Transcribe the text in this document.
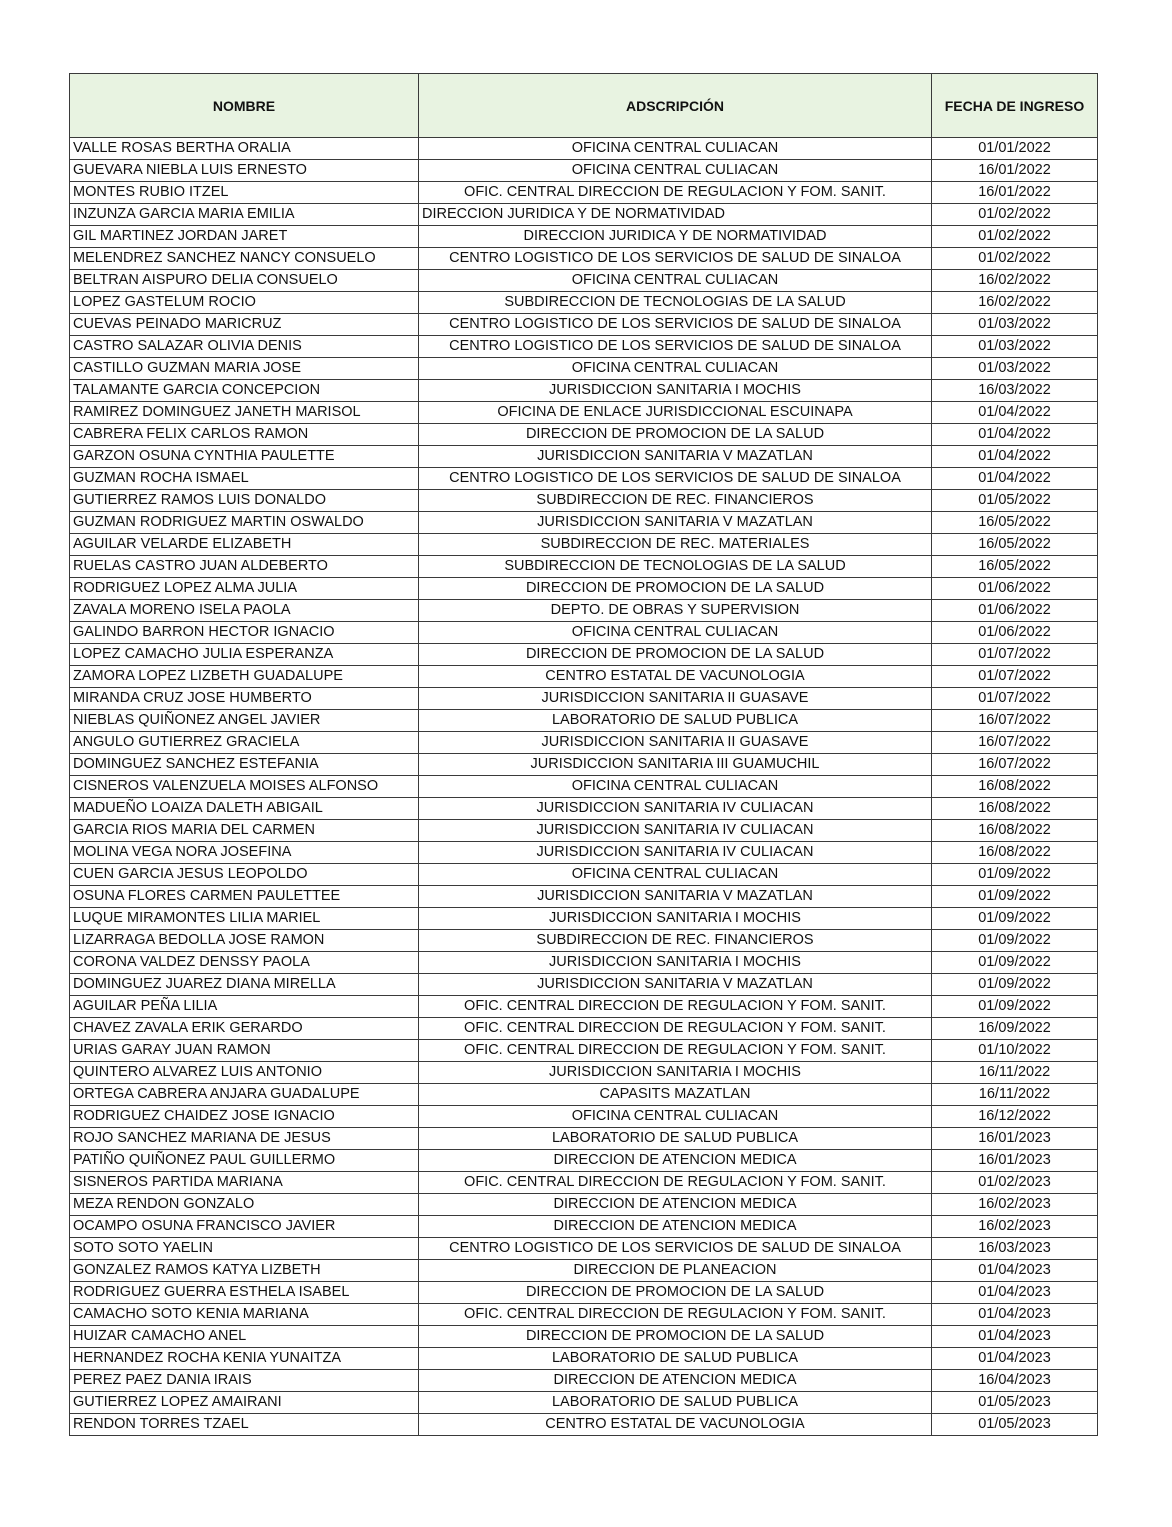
NOMBRE	ADSCRIPCIÓN	FECHA DE INGRESO
VALLE ROSAS BERTHA ORALIA	OFICINA CENTRAL CULIACAN	01/01/2022
GUEVARA NIEBLA LUIS ERNESTO	OFICINA CENTRAL CULIACAN	16/01/2022
MONTES RUBIO ITZEL	OFIC. CENTRAL DIRECCION DE REGULACION Y FOM. SANIT.	16/01/2022
INZUNZA GARCIA MARIA EMILIA	DIRECCION JURIDICA Y DE NORMATIVIDAD	01/02/2022
GIL MARTINEZ JORDAN JARET	DIRECCION JURIDICA Y DE NORMATIVIDAD	01/02/2022
MELENDREZ SANCHEZ NANCY CONSUELO	CENTRO LOGISTICO DE LOS SERVICIOS DE SALUD DE SINALOA	01/02/2022
BELTRAN AISPURO DELIA CONSUELO	OFICINA CENTRAL CULIACAN	16/02/2022
LOPEZ GASTELUM ROCIO	SUBDIRECCION DE TECNOLOGIAS DE LA SALUD	16/02/2022
CUEVAS PEINADO MARICRUZ	CENTRO LOGISTICO DE LOS SERVICIOS DE SALUD DE SINALOA	01/03/2022
CASTRO SALAZAR OLIVIA DENIS	CENTRO LOGISTICO DE LOS SERVICIOS DE SALUD DE SINALOA	01/03/2022
CASTILLO GUZMAN MARIA JOSE	OFICINA CENTRAL CULIACAN	01/03/2022
TALAMANTE GARCIA CONCEPCION	JURISDICCION SANITARIA I MOCHIS	16/03/2022
RAMIREZ DOMINGUEZ JANETH MARISOL	OFICINA DE ENLACE JURISDICCIONAL ESCUINAPA	01/04/2022
CABRERA FELIX CARLOS RAMON	DIRECCION DE PROMOCION DE LA SALUD	01/04/2022
GARZON OSUNA CYNTHIA PAULETTE	JURISDICCION SANITARIA V MAZATLAN	01/04/2022
GUZMAN ROCHA ISMAEL	CENTRO LOGISTICO DE LOS SERVICIOS DE SALUD DE SINALOA	01/04/2022
GUTIERREZ RAMOS LUIS DONALDO	SUBDIRECCION DE REC. FINANCIEROS	01/05/2022
GUZMAN RODRIGUEZ MARTIN OSWALDO	JURISDICCION SANITARIA V MAZATLAN	16/05/2022
AGUILAR VELARDE ELIZABETH	SUBDIRECCION DE REC. MATERIALES	16/05/2022
RUELAS CASTRO JUAN ALDEBERTO	SUBDIRECCION DE TECNOLOGIAS DE LA SALUD	16/05/2022
RODRIGUEZ LOPEZ ALMA JULIA	DIRECCION DE PROMOCION DE LA SALUD	01/06/2022
ZAVALA MORENO ISELA PAOLA	DEPTO. DE OBRAS Y SUPERVISION	01/06/2022
GALINDO BARRON HECTOR IGNACIO	OFICINA CENTRAL CULIACAN	01/06/2022
LOPEZ CAMACHO JULIA ESPERANZA	DIRECCION DE PROMOCION DE LA SALUD	01/07/2022
ZAMORA LOPEZ LIZBETH GUADALUPE	CENTRO ESTATAL DE VACUNOLOGIA	01/07/2022
MIRANDA CRUZ JOSE HUMBERTO	JURISDICCION SANITARIA II GUASAVE	01/07/2022
NIEBLAS QUIÑONEZ ANGEL JAVIER	LABORATORIO DE SALUD PUBLICA	16/07/2022
ANGULO GUTIERREZ GRACIELA	JURISDICCION SANITARIA II GUASAVE	16/07/2022
DOMINGUEZ SANCHEZ ESTEFANIA	JURISDICCION SANITARIA III GUAMUCHIL	16/07/2022
CISNEROS VALENZUELA MOISES ALFONSO	OFICINA CENTRAL CULIACAN	16/08/2022
MADUEÑO LOAIZA DALETH ABIGAIL	JURISDICCION SANITARIA IV CULIACAN	16/08/2022
GARCIA RIOS MARIA DEL CARMEN	JURISDICCION SANITARIA IV CULIACAN	16/08/2022
MOLINA VEGA NORA JOSEFINA	JURISDICCION SANITARIA IV CULIACAN	16/08/2022
CUEN GARCIA JESUS LEOPOLDO	OFICINA CENTRAL CULIACAN	01/09/2022
OSUNA FLORES CARMEN PAULETTEE	JURISDICCION SANITARIA V MAZATLAN	01/09/2022
LUQUE MIRAMONTES LILIA MARIEL	JURISDICCION SANITARIA I MOCHIS	01/09/2022
LIZARRAGA BEDOLLA JOSE RAMON	SUBDIRECCION DE REC. FINANCIEROS	01/09/2022
CORONA VALDEZ DENSSY PAOLA	JURISDICCION SANITARIA I MOCHIS	01/09/2022
DOMINGUEZ JUAREZ DIANA MIRELLA	JURISDICCION SANITARIA V MAZATLAN	01/09/2022
AGUILAR PEÑA LILIA	OFIC. CENTRAL DIRECCION DE REGULACION Y FOM. SANIT.	01/09/2022
CHAVEZ ZAVALA ERIK GERARDO	OFIC. CENTRAL DIRECCION DE REGULACION Y FOM. SANIT.	16/09/2022
URIAS GARAY JUAN RAMON	OFIC. CENTRAL DIRECCION DE REGULACION Y FOM. SANIT.	01/10/2022
QUINTERO ALVAREZ LUIS ANTONIO	JURISDICCION SANITARIA I MOCHIS	16/11/2022
ORTEGA CABRERA ANJARA GUADALUPE	CAPASITS MAZATLAN	16/11/2022
RODRIGUEZ CHAIDEZ JOSE IGNACIO	OFICINA CENTRAL CULIACAN	16/12/2022
ROJO SANCHEZ MARIANA DE JESUS	LABORATORIO DE SALUD PUBLICA	16/01/2023
PATIÑO QUIÑONEZ PAUL GUILLERMO	DIRECCION DE ATENCION MEDICA	16/01/2023
SISNEROS PARTIDA MARIANA	OFIC. CENTRAL DIRECCION DE REGULACION Y FOM. SANIT.	01/02/2023
MEZA RENDON GONZALO	DIRECCION DE ATENCION MEDICA	16/02/2023
OCAMPO OSUNA FRANCISCO JAVIER	DIRECCION DE ATENCION MEDICA	16/02/2023
SOTO SOTO YAELIN	CENTRO LOGISTICO DE LOS SERVICIOS DE SALUD DE SINALOA	16/03/2023
GONZALEZ RAMOS KATYA LIZBETH	DIRECCION DE PLANEACION	01/04/2023
RODRIGUEZ GUERRA ESTHELA ISABEL	DIRECCION DE PROMOCION DE LA SALUD	01/04/2023
CAMACHO SOTO KENIA MARIANA	OFIC. CENTRAL DIRECCION DE REGULACION Y FOM. SANIT.	01/04/2023
HUIZAR CAMACHO ANEL	DIRECCION DE PROMOCION DE LA SALUD	01/04/2023
HERNANDEZ ROCHA KENIA YUNAITZA	LABORATORIO DE SALUD PUBLICA	01/04/2023
PEREZ PAEZ DANIA IRAIS	DIRECCION DE ATENCION MEDICA	16/04/2023
GUTIERREZ LOPEZ AMAIRANI	LABORATORIO DE SALUD PUBLICA	01/05/2023
RENDON TORRES TZAEL	CENTRO ESTATAL DE VACUNOLOGIA	01/05/2023
